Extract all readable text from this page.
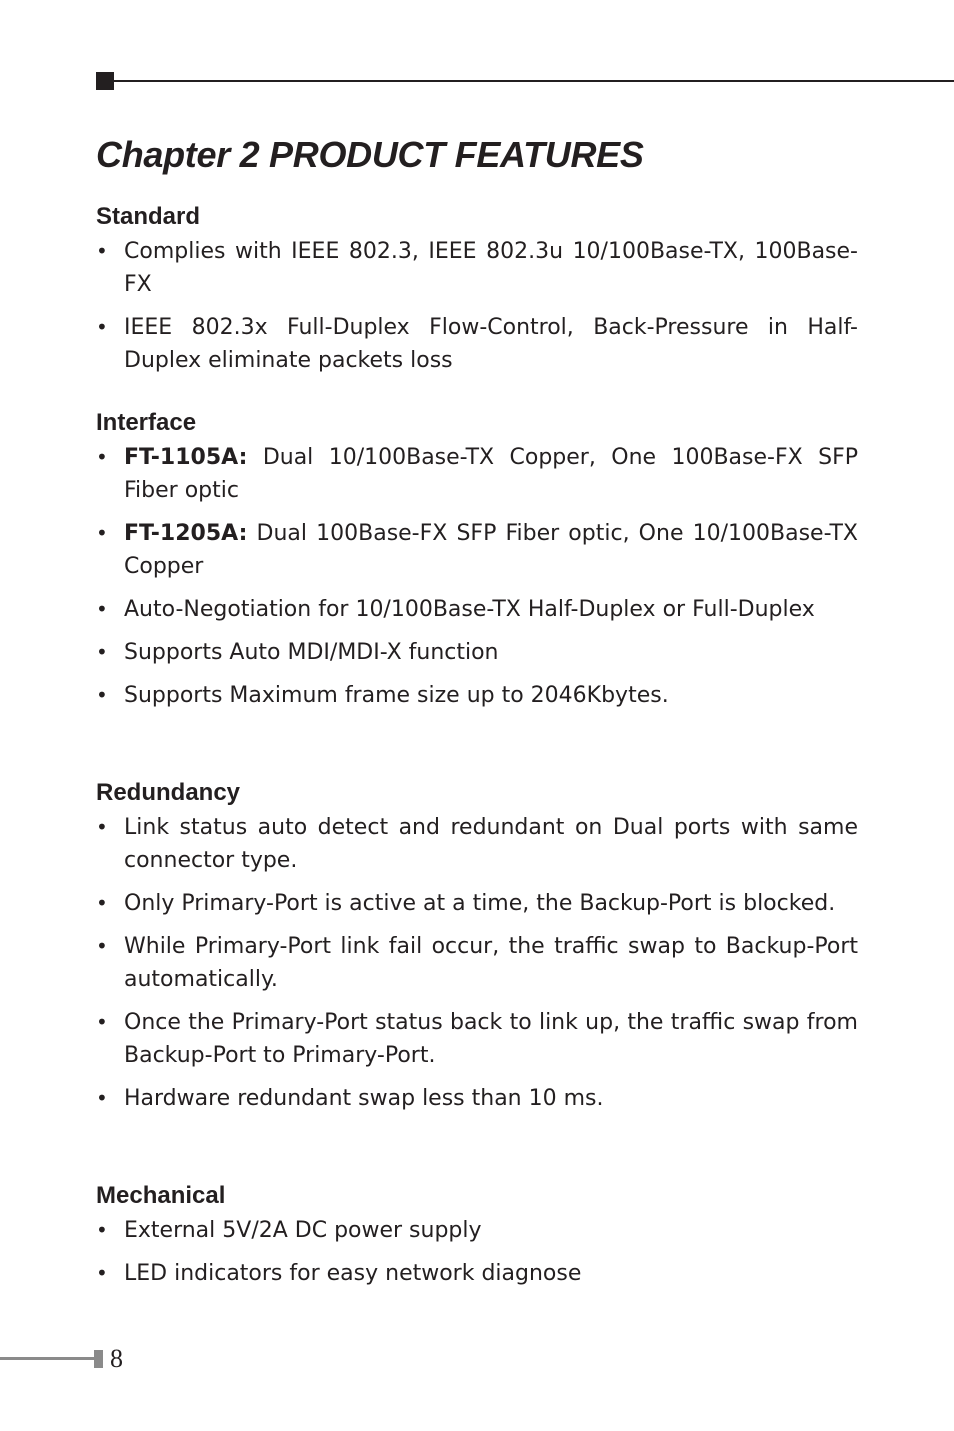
Chapter 2 PRODUCT FEATURES
Standard
• Complies with IEEE 802.3, IEEE 802.3u 10/100Base-TX, 100Base-FX
• IEEE 802.3x Full-Duplex Flow-Control, Back-Pressure in Half-Duplex eliminate packets loss
Interface
• FT-1105A: Dual 10/100Base-TX Copper, One 100Base-FX SFP Fiber optic
• FT-1205A: Dual 100Base-FX SFP Fiber optic, One 10/100Base-TX Copper
• Auto-Negotiation for 10/100Base-TX Half-Duplex or Full-Duplex
• Supports Auto MDI/MDI-X function
• Supports Maximum frame size up to 2046Kbytes.
Redundancy
• Link status auto detect and redundant on Dual ports with same connector type.
• Only Primary-Port is active at a time, the Backup-Port is blocked.
• While Primary-Port link fail occur, the traffic swap to Backup-Port automatically.
• Once the Primary-Port status back to link up, the traffic swap from Backup-Port to Primary-Port.
• Hardware redundant swap less than 10 ms.
Mechanical
• External 5V/2A DC power supply
• LED indicators for easy network diagnose
8
